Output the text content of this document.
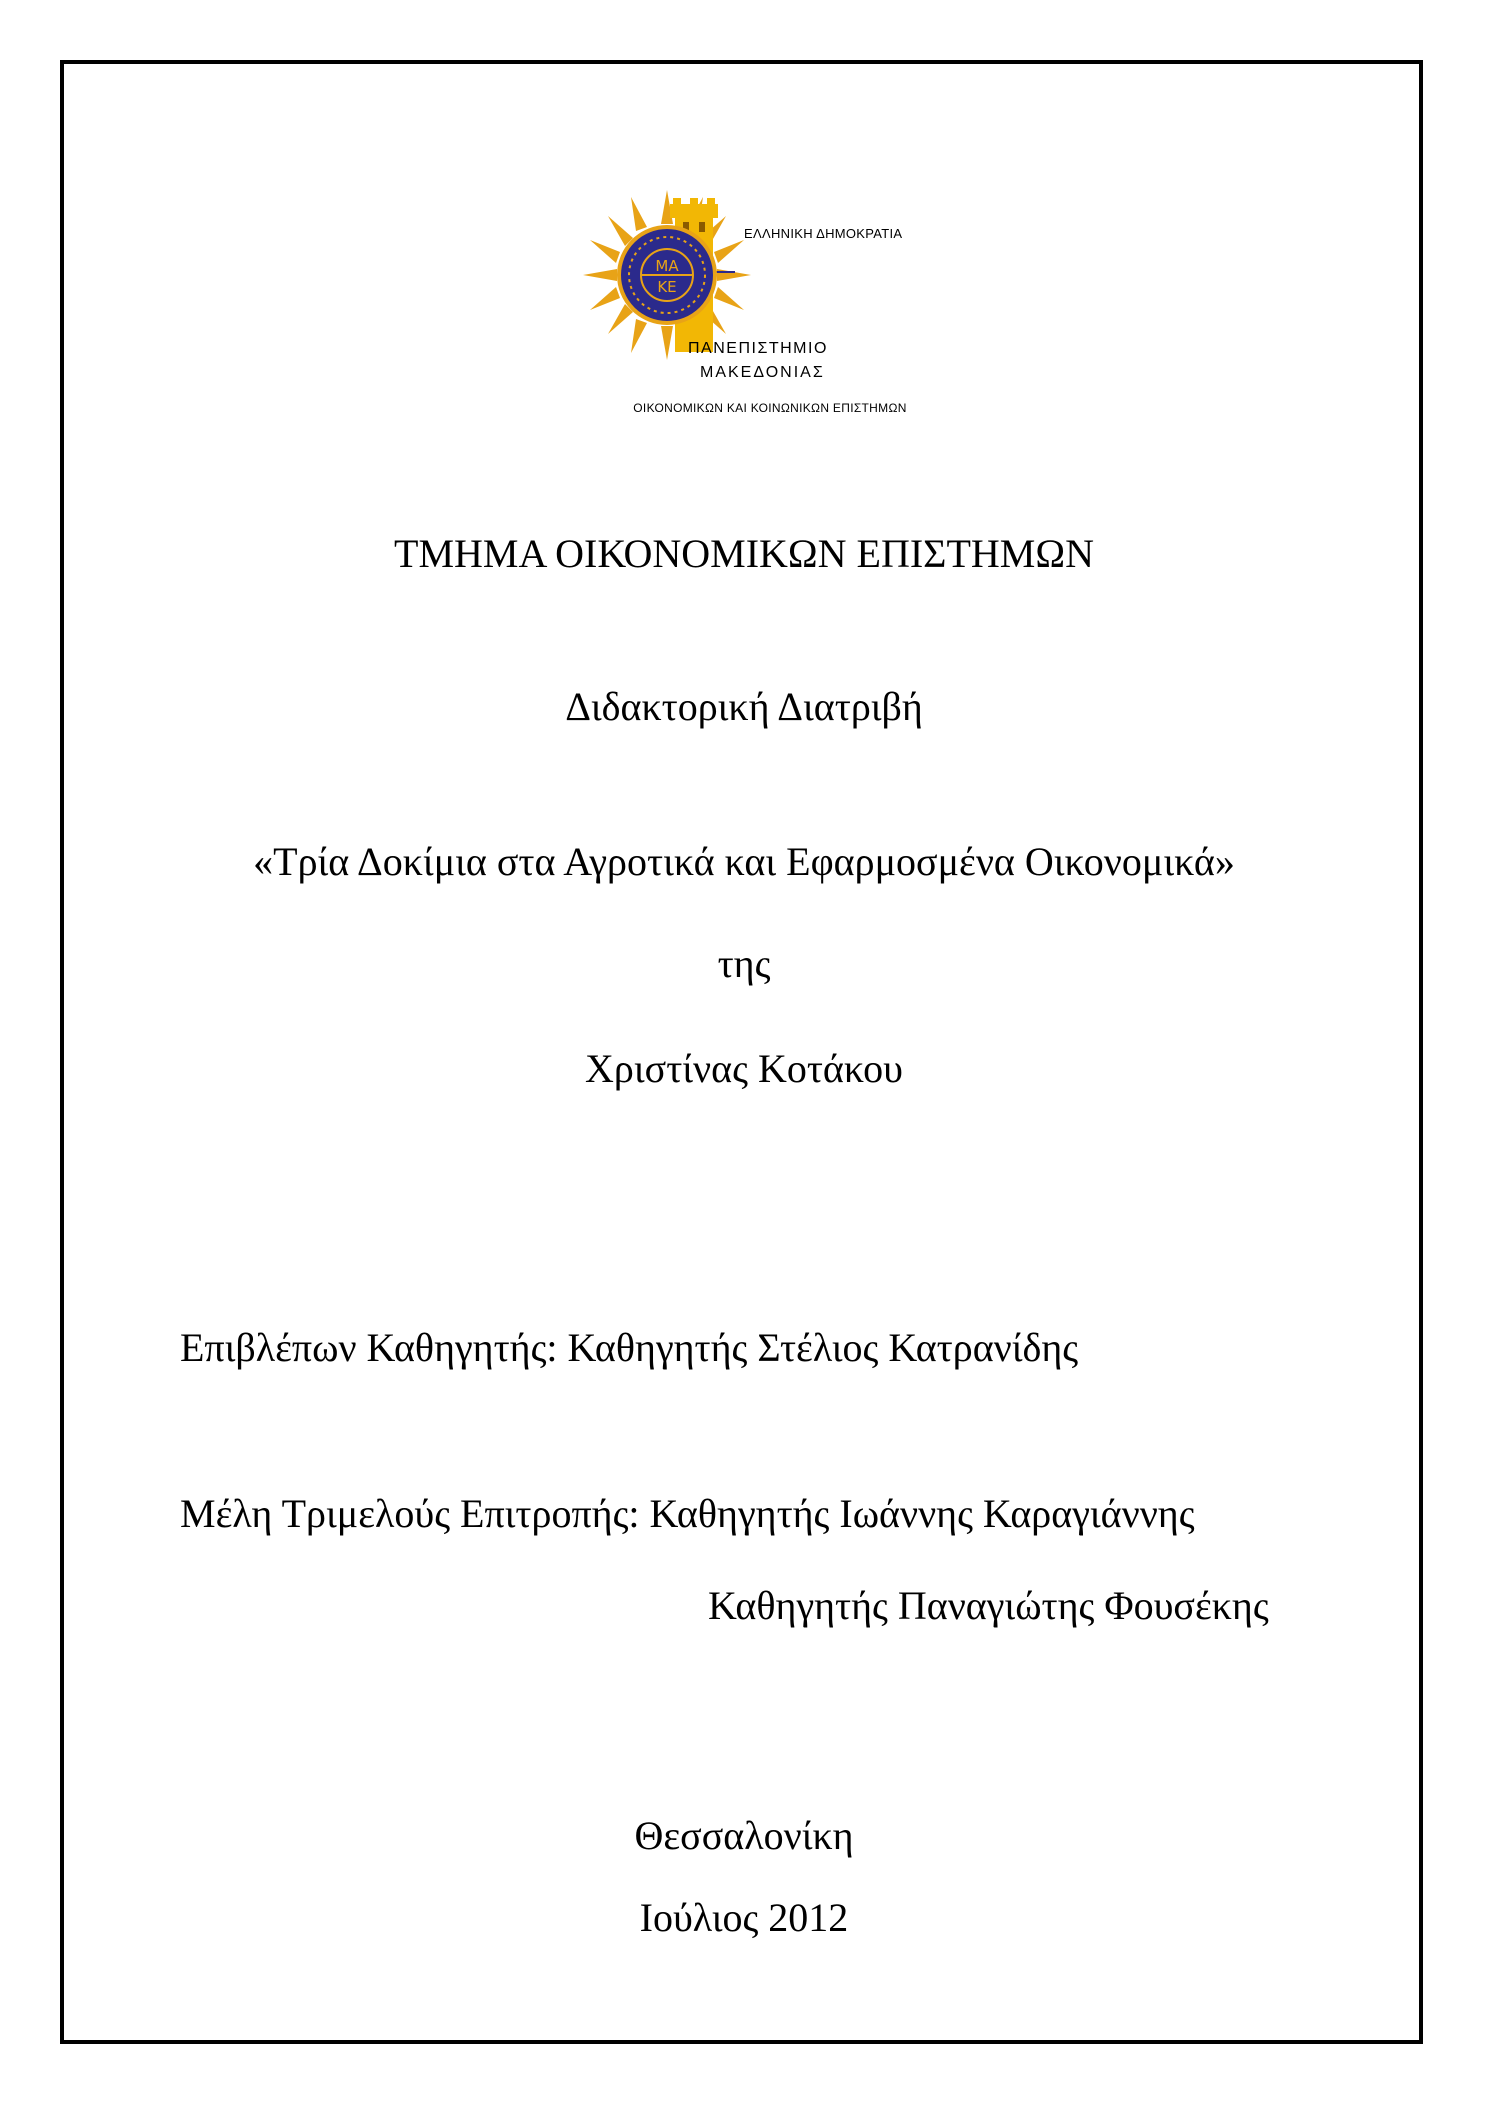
ΜΑ
ΚΕ
ΕΛΛΗΝΙΚΗ ΔΗΜΟΚΡΑΤΙΑ
ΠΑΝΕΠΙΣΤΗΜΙΟ
ΜΑΚΕΔΟΝΙΑΣ
ΟΙΚΟΝΟΜΙΚΩΝ ΚΑΙ ΚΟΙΝΩΝΙΚΩΝ ΕΠΙΣΤΗΜΩΝ
ΤΜΗΜΑ ΟΙΚΟΝΟΜΙΚΩΝ ΕΠΙΣΤΗΜΩΝ
Διδακτορική Διατριβή
«Τρία Δοκίμια στα Αγροτικά και Εφαρμοσμένα Οικονομικά»
της
Χριστίνας Κοτάκου
Επιβλέπων Καθηγητής: Καθηγητής Στέλιος Κατρανίδης
Μέλη Τριμελούς Επιτροπής: Καθηγητής Ιωάννης Καραγιάννης
Καθηγητής Παναγιώτης Φουσέκης
Θεσσαλονίκη
Ιούλιος 2012
